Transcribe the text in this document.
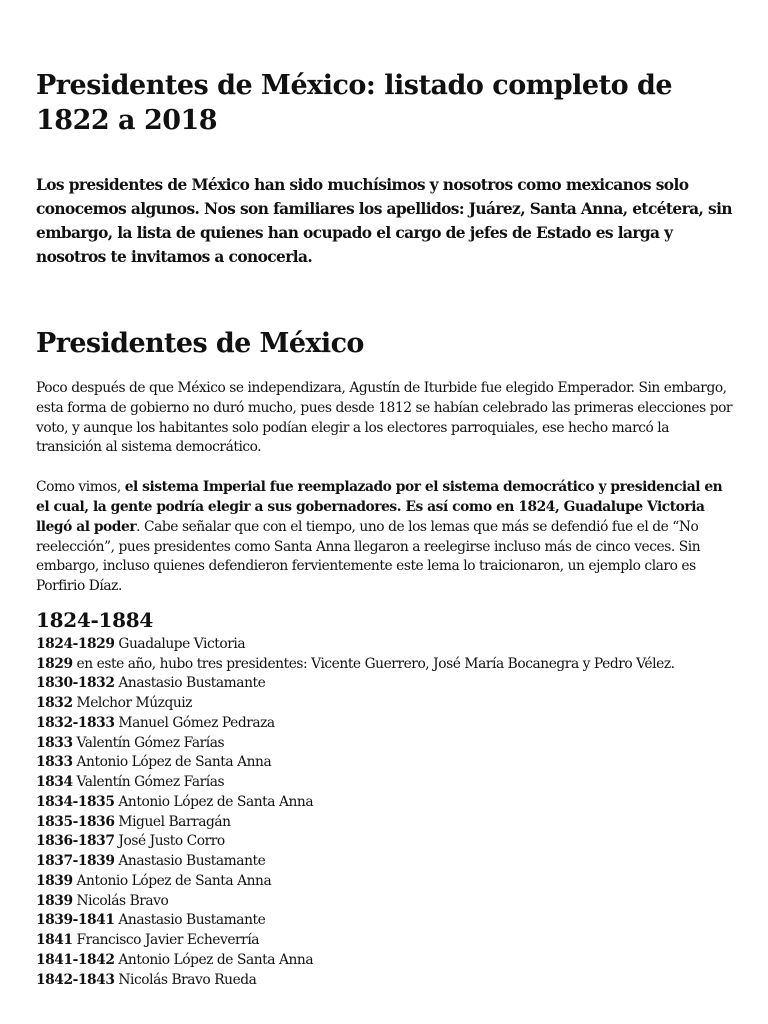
Presidentes de México: listado completo de 1822 a 2018

Los presidentes de México han sido muchísimos y nosotros como mexicanos solo conocemos algunos. Nos son familiares los apellidos: Juárez, Santa Anna, etcétera, sin embargo, la lista de quienes han ocupado el cargo de jefes de Estado es larga y nosotros te invitamos a conocerla.

Presidentes de México

Poco después de que México se independizara, Agustín de Iturbide fue elegido Emperador. Sin embargo, esta forma de gobierno no duró mucho, pues desde 1812 se habían celebrado las primeras elecciones por voto, y aunque los habitantes solo podían elegir a los electores parroquiales, ese hecho marcó la transición al sistema democrático.

Como vimos, el sistema Imperial fue reemplazado por el sistema democrático y presidencial en el cual, la gente podría elegir a sus gobernadores. Es así como en 1824, Guadalupe Victoria llegó al poder. Cabe señalar que con el tiempo, uno de los lemas que más se defendió fue el de “No reelección”, pues presidentes como Santa Anna llegaron a reelegirse incluso más de cinco veces. Sin embargo, incluso quienes defendieron fervientemente este lema lo traicionaron, un ejemplo claro es Porfirio Díaz.

1824-1884
1824-1829 Guadalupe Victoria
1829 en este año, hubo tres presidentes: Vicente Guerrero, José María Bocanegra y Pedro Vélez.
1830-1832 Anastasio Bustamante
1832 Melchor Múzquiz
1832-1833 Manuel Gómez Pedraza
1833 Valentín Gómez Farías
1833 Antonio López de Santa Anna
1834 Valentín Gómez Farías
1834-1835 Antonio López de Santa Anna
1835-1836 Miguel Barragán
1836-1837 José Justo Corro
1837-1839 Anastasio Bustamante
1839 Antonio López de Santa Anna
1839 Nicolás Bravo
1839-1841 Anastasio Bustamante
1841 Francisco Javier Echeverría
1841-1842 Antonio López de Santa Anna
1842-1843 Nicolás Bravo Rueda
